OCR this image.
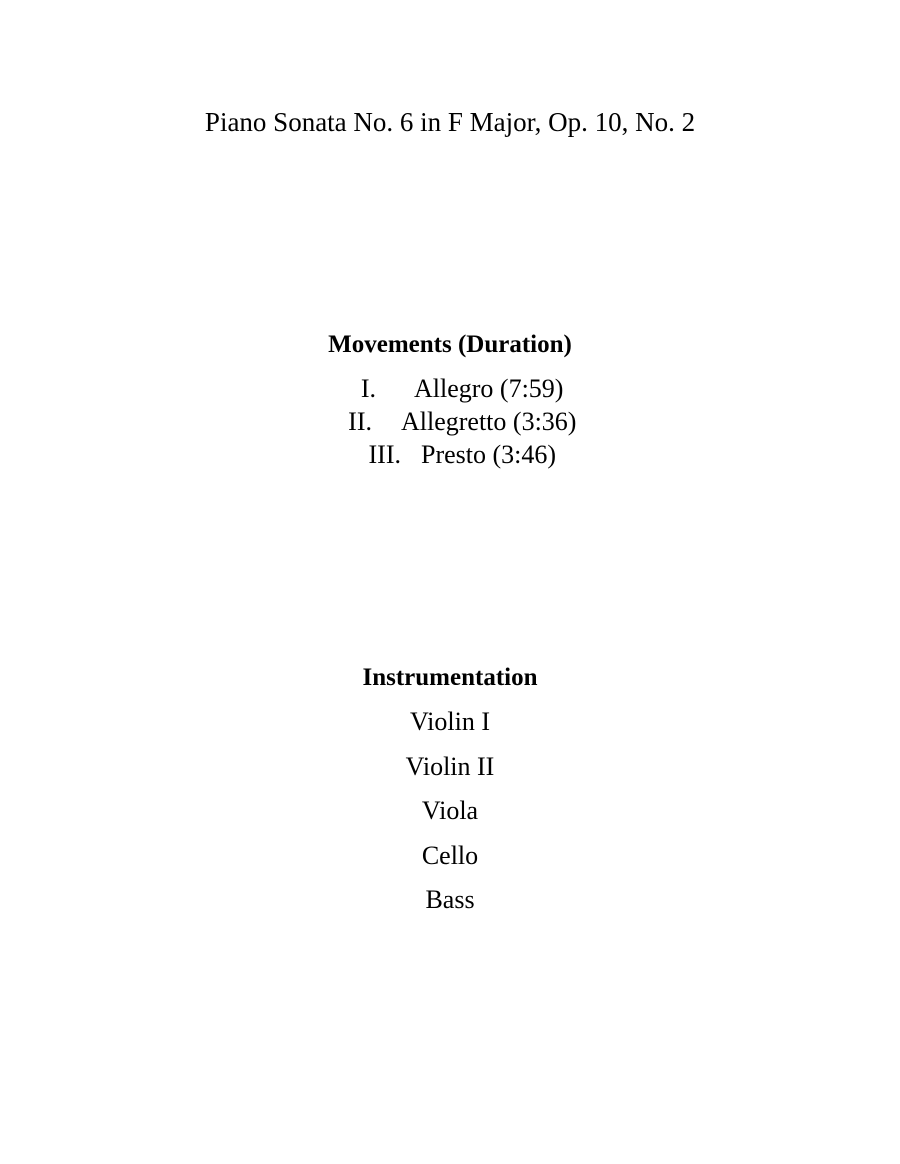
Piano Sonata No. 6 in F Major, Op. 10, No. 2
Movements (Duration)
I. Allegro (7:59)
II. Allegretto (3:36)
III. Presto (3:46)
Instrumentation
Violin I
Violin II
Viola
Cello
Bass
